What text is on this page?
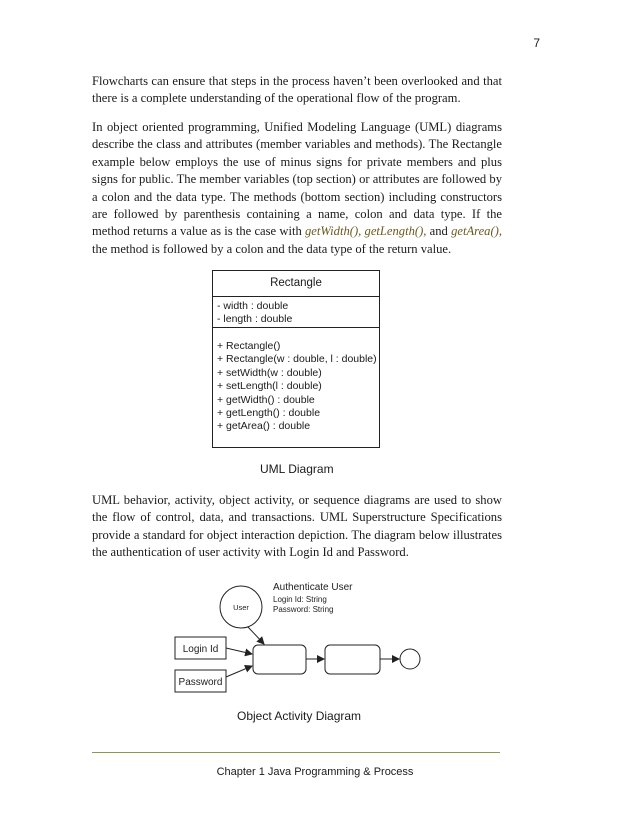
7

Flowcharts can ensure that steps in the process haven’t been overlooked and that there is a complete understanding of the operational flow of the program.

In object oriented programming, Unified Modeling Language (UML) diagrams describe the class and attributes (member variables and methods). The Rectangle example below employs the use of minus signs for private members and plus signs for public. The member variables (top section) or attributes are followed by a colon and the data type. The methods (bottom section) including constructors are followed by parenthesis containing a name, colon and data type. If the method returns a value as is the case with getWidth(), getLength(), and getArea(), the method is followed by a colon and the data type of the return value.

Rectangle
- width : double
- length : double
+ Rectangle()
+ Rectangle(w : double, l : double)
+ setWidth(w : double)
+ setLength(l : double)
+ getWidth() : double
+ getLength() : double
+ getArea() : double
UML Diagram

UML behavior, activity, object activity, or sequence diagrams are used to show the flow of control, data, and transactions. UML Superstructure Specifications provide a standard for object interaction depiction. The diagram below illustrates the authentication of user activity with Login Id and Password.

User
Authenticate User
Login Id: String
Password: String
Login Id
Password
Object Activity Diagram
Chapter 1 Java Programming & Process
